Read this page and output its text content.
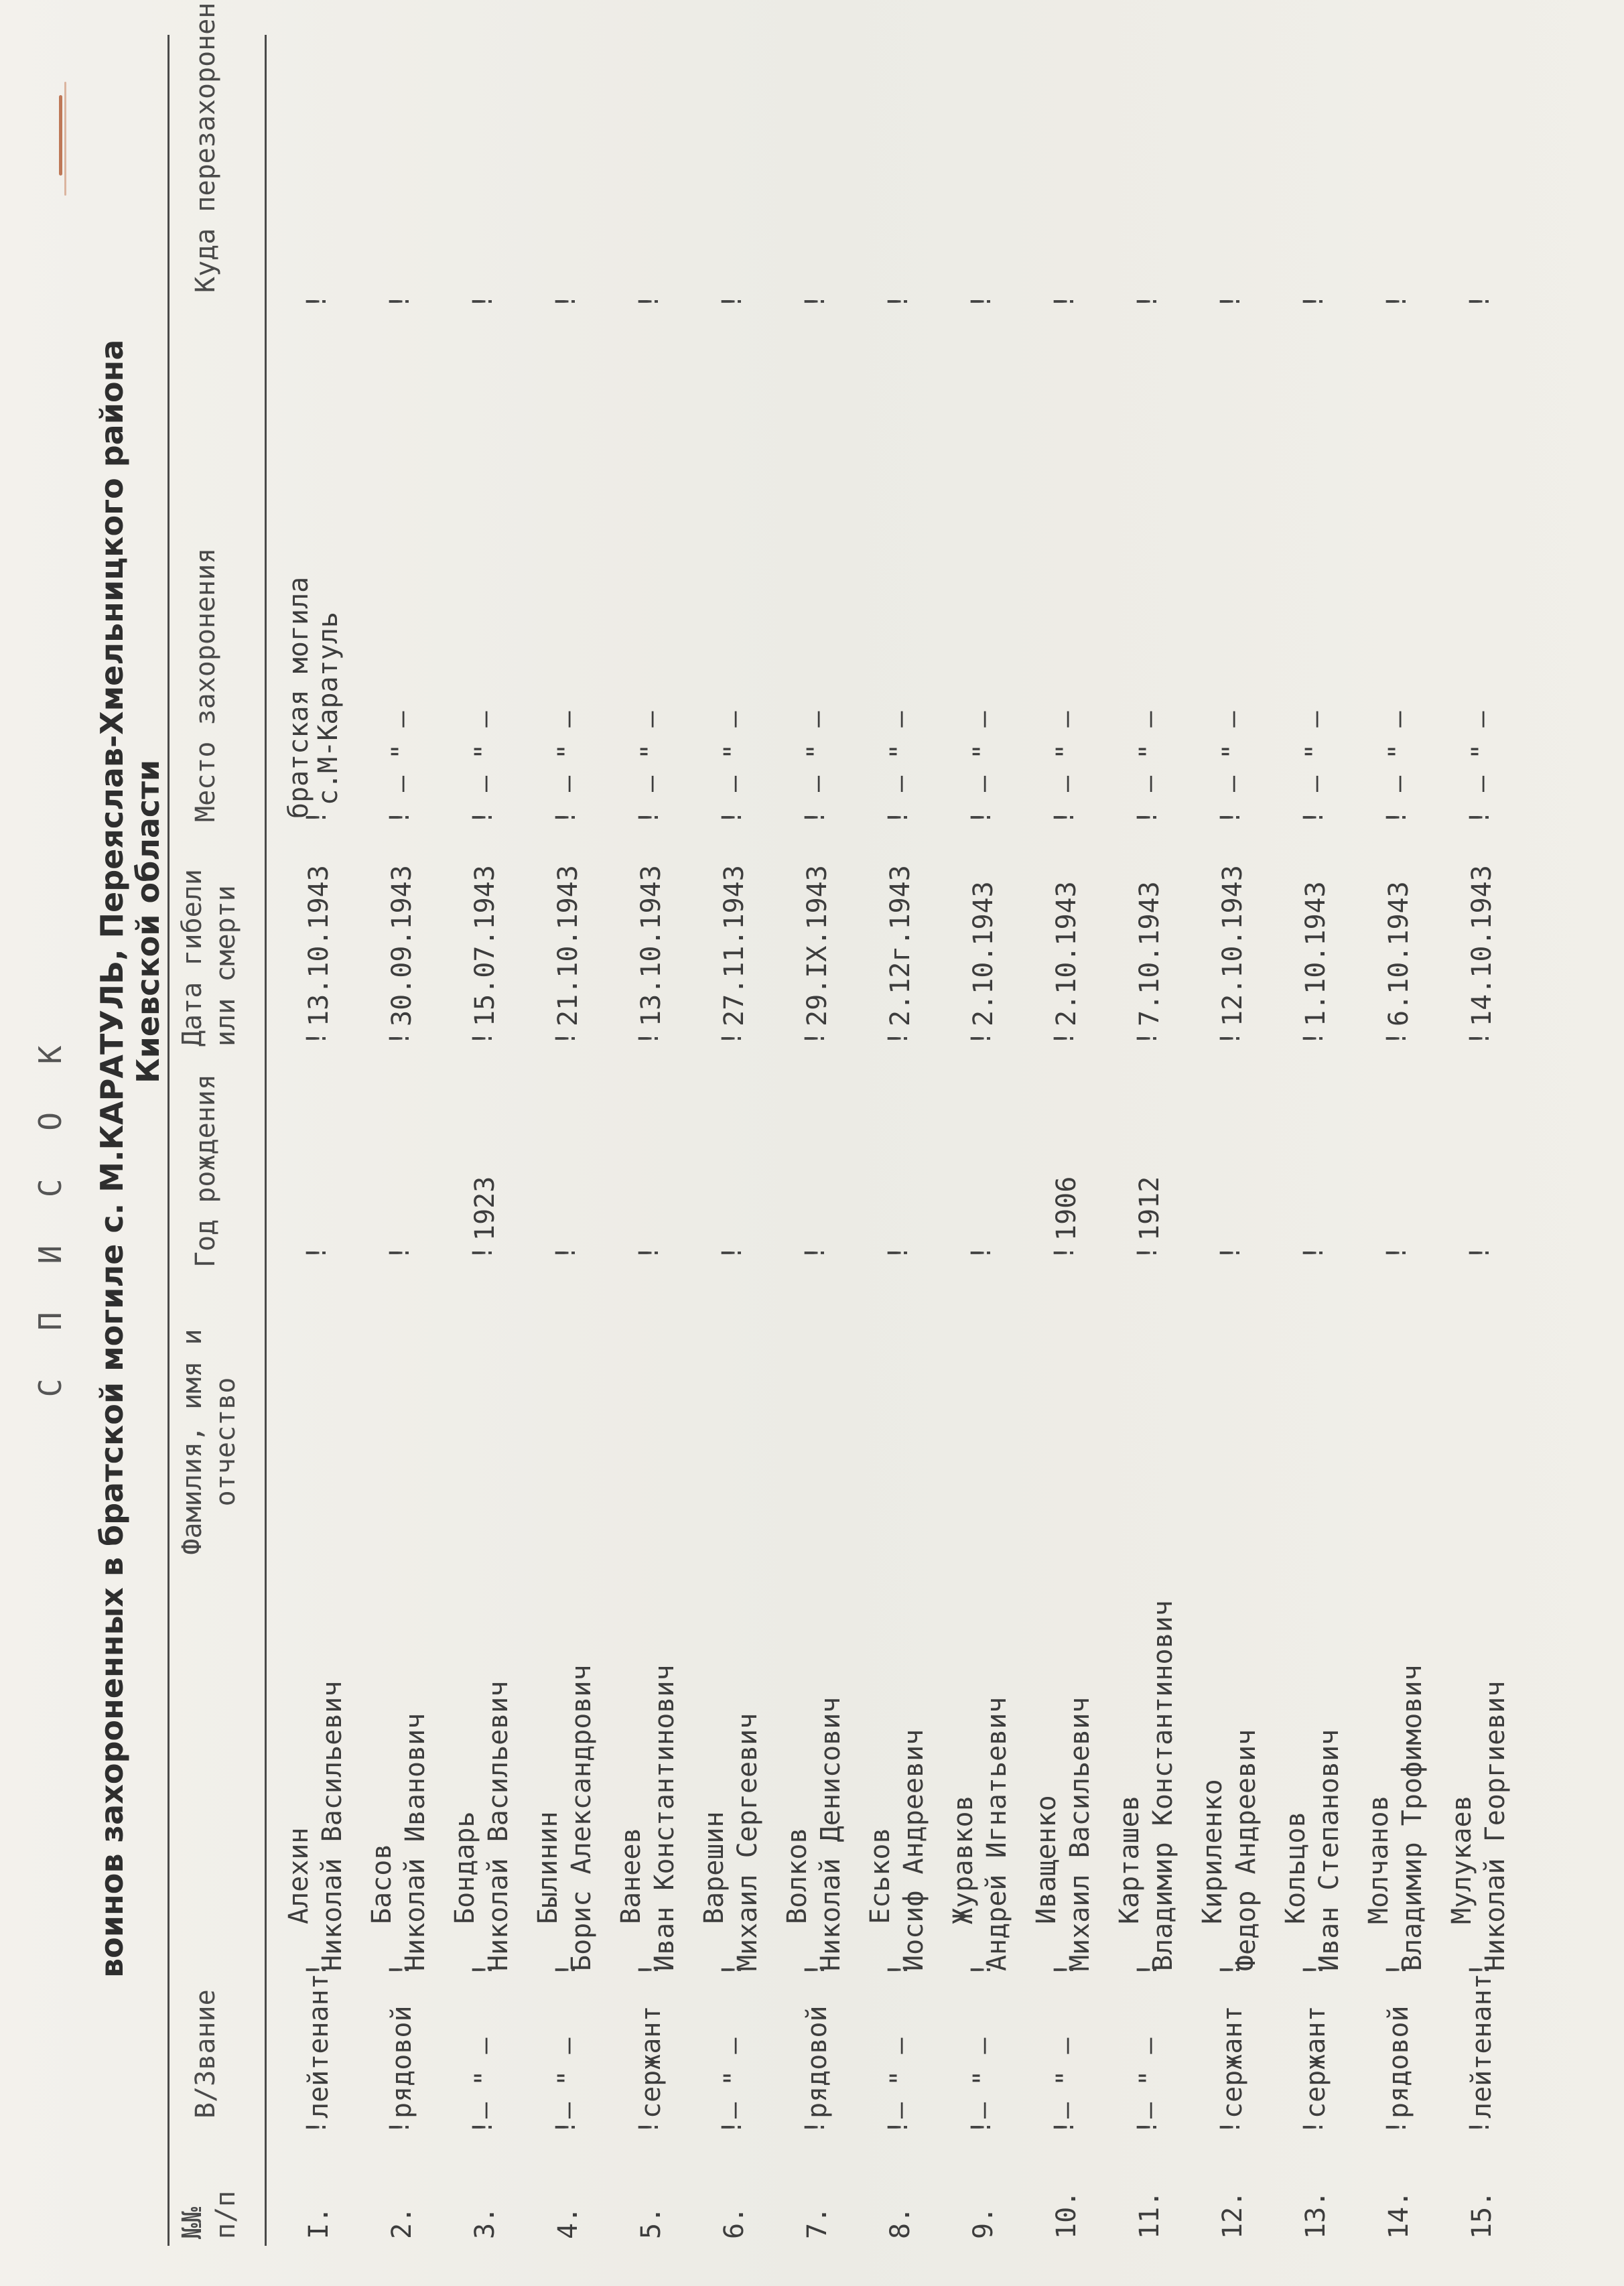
С П И С О К воинов захороненных в братской могиле с. М.КАРАТУЛЬ, Переяслав-Хмельницкого района Киевской области
№№ п/п
В/Звание
Фамилия, имя и отчество
Год рождения
Дата гибели или смерти
Место захоронения
Куда перезахоронен
I.
лейтенант
Алехин Николай Васильевич
13.10.1943
братская могила
с.М-Каратуль
!
!
!
!
!
!
2.
рядовой
Басов Николай Иванович
30.09.1943
– " –
!
!
!
!
!
!
3.
– " –
Бондарь Николай Васильевич
1923
15.07.1943
– " –
!
!
!
!
!
!
4.
– " –
Былинин Борис Александрович
21.10.1943
– " –
!
!
!
!
!
!
5.
сержант
Ванеев Иван Константинович
13.10.1943
– " –
!
!
!
!
!
!
6.
– " –
Варешин Михаил Сергеевич
27.11.1943
– " –
!
!
!
!
!
!
7.
рядовой
Волков Николай Денисович
29.IX.1943
– " –
!
!
!
!
!
!
8.
– " –
Еськов Иосиф Андреевич
2.12г.1943
– " –
!
!
!
!
!
!
9.
– " –
Журавков Андрей Игнатьевич
2.10.1943
– " –
!
!
!
!
!
!
10.
– " –
Иващенко Михаил Васильевич
1906
2.10.1943
– " –
!
!
!
!
!
!
11.
– " –
Карташев Владимир Константинович
1912
7.10.1943
– " –
!
!
!
!
!
!
12.
сержант
Кириленко Федор Андреевич
12.10.1943
– " –
!
!
!
!
!
!
13.
сержант
Кольцов Иван Степанович
1.10.1943
– " –
!
!
!
!
!
!
14.
рядовой
Молчанов Владимир Трофимович
6.10.1943
– " –
!
!
!
!
!
!
15.
лейтенант
Мулукаев Николай Георгиевич
14.10.1943
– " –
!
!
!
!
!
!
